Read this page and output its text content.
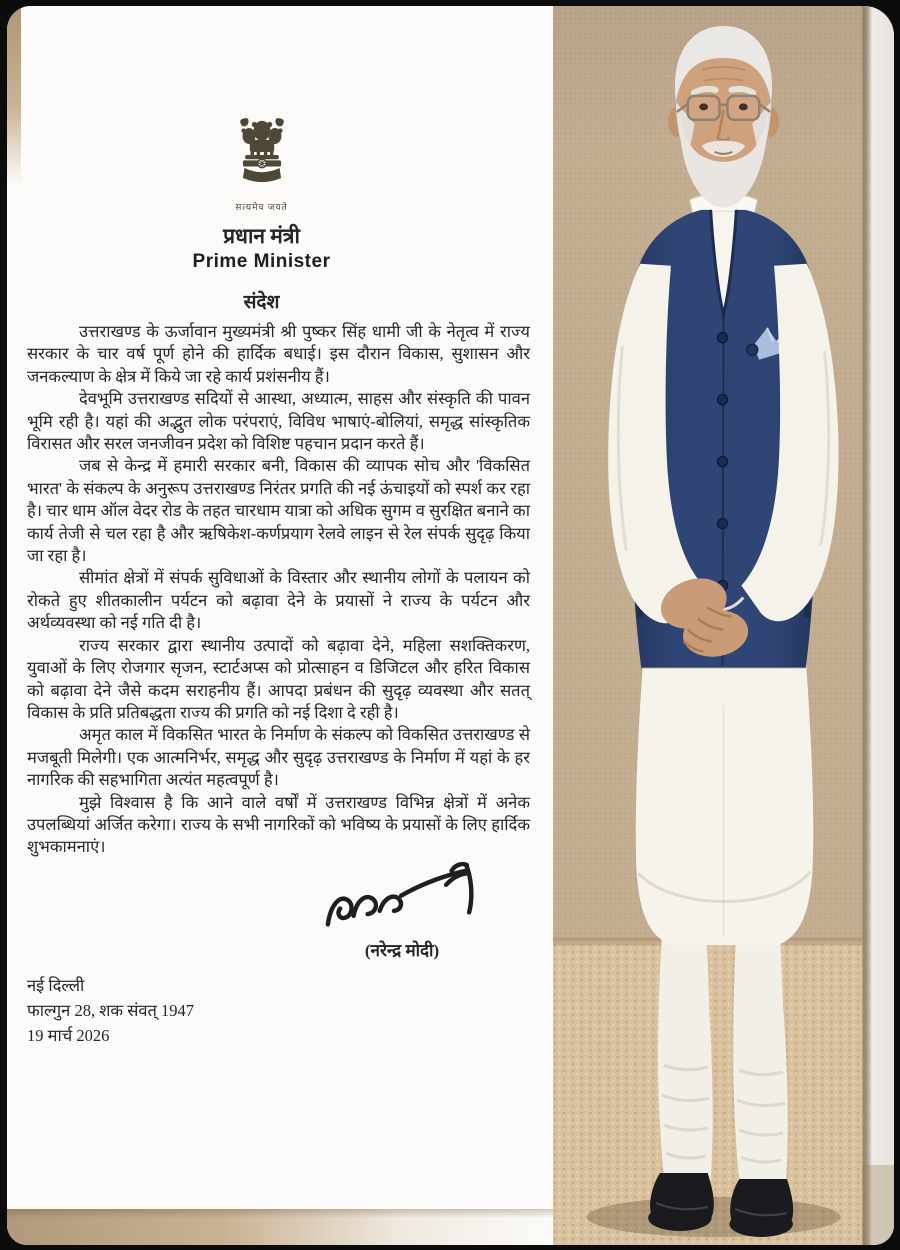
सत्यमेव जयते
प्रधान मंत्री
Prime Minister
संदेश

उत्तराखण्ड के ऊर्जावान मुख्यमंत्री श्री पुष्कर सिंह धामी जी के नेतृत्व में राज्य सरकार के चार वर्ष पूर्ण होने की हार्दिक बधाई। इस दौरान विकास, सुशासन और जनकल्याण के क्षेत्र में किये जा रहे कार्य प्रशंसनीय हैं।

देवभूमि उत्तराखण्ड सदियों से आस्था, अध्यात्म, साहस और संस्कृति की पावन भूमि रही है। यहां की अद्भुत लोक परंपराएं, विविध भाषाएं-बोलियां, समृद्ध सांस्कृतिक विरासत और सरल जनजीवन प्रदेश को विशिष्ट पहचान प्रदान करते हैं।

जब से केन्द्र में हमारी सरकार बनी, विकास की व्यापक सोच और 'विकसित भारत' के संकल्प के अनुरूप उत्तराखण्ड निरंतर प्रगति की नई ऊंचाइयों को स्पर्श कर रहा है। चार धाम ऑल वेदर रोड के तहत चारधाम यात्रा को अधिक सुगम व सुरक्षित बनाने का कार्य तेजी से चल रहा है और ऋषिकेश-कर्णप्रयाग रेलवे लाइन से रेल संपर्क सुदृढ़ किया जा रहा है।

सीमांत क्षेत्रों में संपर्क सुविधाओं के विस्तार और स्थानीय लोगों के पलायन को रोकते हुए शीतकालीन पर्यटन को बढ़ावा देने के प्रयासों ने राज्य के पर्यटन और अर्थव्यवस्था को नई गति दी है।

राज्य सरकार द्वारा स्थानीय उत्पादों को बढ़ावा देने, महिला सशक्तिकरण, युवाओं के लिए रोजगार सृजन, स्टार्टअप्स को प्रोत्साहन व डिजिटल और हरित विकास को बढ़ावा देने जैसे कदम सराहनीय हैं। आपदा प्रबंधन की सुदृढ़ व्यवस्था और सतत् विकास के प्रति प्रतिबद्धता राज्य की प्रगति को नई दिशा दे रही है।

अमृत काल में विकसित भारत के निर्माण के संकल्प को विकसित उत्तराखण्ड से मजबूती मिलेगी। एक आत्मनिर्भर, समृद्ध और सुदृढ़ उत्तराखण्ड के निर्माण में यहां के हर नागरिक की सहभागिता अत्यंत महत्वपूर्ण है।

मुझे विश्वास है कि आने वाले वर्षों में उत्तराखण्ड विभिन्न क्षेत्रों में अनेक उपलब्धियां अर्जित करेगा। राज्य के सभी नागरिकों को भविष्य के प्रयासों के लिए हार्दिक शुभकामनाएं।

(नरेन्द्र मोदी)
नई दिल्ली
फाल्गुन 28, शक संवत् 1947
19 मार्च 2026
